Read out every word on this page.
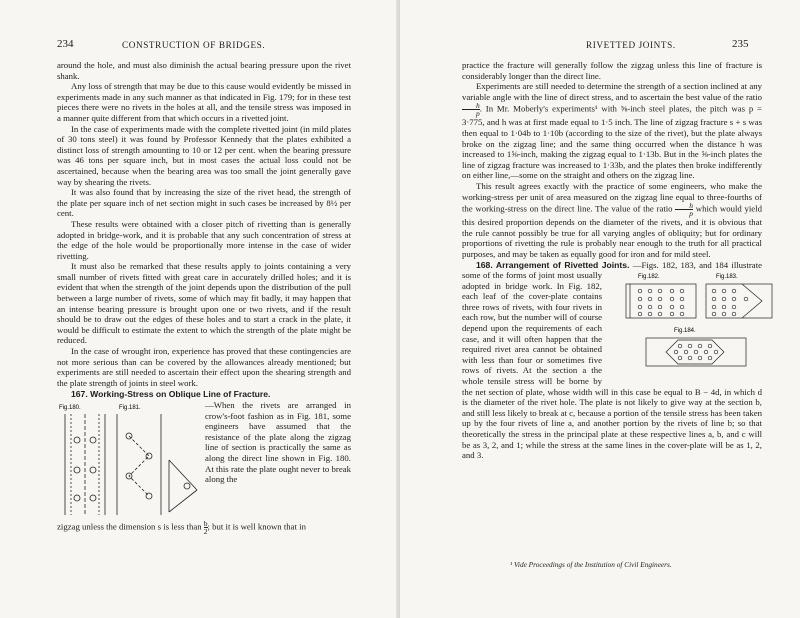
234	CONSTRUCTION OF BRIDGES.

around the hole, and must also diminish the actual bearing pressure upon the rivet shank.

Any loss of strength that may be due to this cause would evidently be missed in experiments made in any such manner as that indicated in Fig. 179; for in these test pieces there were no rivets in the holes at all, and the tensile stress was imposed in a manner quite different from that which occurs in a rivetted joint.

In the case of experiments made with the complete rivetted joint (in mild plates of 30 tons steel) it was found by Professor Kennedy that the plates exhibited a distinct loss of strength amounting to 10 or 12 per cent. when the bearing pressure was 46 tons per square inch, but in most cases the actual loss could not be ascertained, because when the bearing area was too small the joint generally gave way by shearing the rivets.

It was also found that by increasing the size of the rivet head, the strength of the plate per square inch of net section might in such cases be increased by 8½ per cent.

These results were obtained with a closer pitch of rivetting than is generally adopted in bridge-work, and it is probable that any such concentration of stress at the edge of the hole would be proportionally more intense in the case of wider rivetting.

It must also be remarked that these results apply to joints containing a very small number of rivets fitted with great care in accurately drilled holes; and it is evident that when the strength of the joint depends upon the distribution of the pull between a large number of rivets, some of which may fit badly, it may happen that an intense bearing pressure is brought upon one or two rivets, and if the result should be to draw out the edges of these holes and to start a crack in the plate, it would be difficult to estimate the extent to which the strength of the plate might be reduced.

In the case of wrought iron, experience has proved that these contingencies are not more serious than can be covered by the allowances already mentioned; but experiments are still needed to ascertain their effect upon the shearing strength and the plate strength of joints in steel work.

167. Working-Stress on Oblique Line of Fracture.

Fig.180.	Fig.181.	—When the rivets are arranged in crow's-foot fashion as in Fig. 181, some engineers have assumed that the resistance of the plate along the zigzag line of section is practically the same as along the direct line shown in Fig. 180. At this rate the plate ought never to break along the

zigzag unless the dimension s is less than $\frac{b}{2}$ ; but it is well known that in

RIVETTED JOINTS.	235

practice the fracture will generally follow the zigzag unless this line of fracture is considerably longer than the direct line.

Experiments are still needed to determine the strength of a section inclined at any variable angle with the line of direct stress, and to ascertain the best value of the ratio
$\frac{h}{p}$ . In Mr. Moberly's experiments¹ with ⅝-inch steel plates, the pitch was p = 3·775, and h was at first made equal to 1·5 inch. The line of zigzag fracture s + s was then equal to 1·04b to 1·10b (according to the size of the rivet), but the plate always broke on the zigzag line; and the same thing occurred when the distance h was increased to 1⅝-inch, making the zigzag equal to 1·13b. But in the ⅝-inch plates the line of zigzag fracture was increased to 1·33b, and the plates then broke indifferently on either line,—some on the straight and others on the zigzag line.

This result agrees exactly with the practice of some engineers, who make the working-stress per unit of area measured on the zigzag line equal to three-fourths of the working-stress on the direct line. The value of the ratio $\frac{h}{p}$ which would yield this desired proportion depends on the diameter of the rivets, and it is obvious that the rule cannot possibly be true for all varying angles of obliquity; but for ordinary proportions of rivetting the rule is probably near enough to the truth for all practical purposes, and may be taken as equally good for iron and for mild steel.

168. Arrangement of Rivetted Joints.
Fig.182.	Fig.183.
Fig.184.
—Figs. 182, 183, and 184 illustrate some of the forms of joint most usually adopted in bridge work. In Fig. 182, each leaf of the cover-plate contains three rows of rivets, with four rivets in each row, but the number will of course depend upon the requirements of each case, and it will often happen that the required rivet area cannot be obtained with less than four or sometimes five rows of rivets. At the section a the whole tensile stress will be borne by the net section of plate, whose width will in this case be equal to B − 4d, in which d is the diameter of the rivet hole. The plate is not likely to give way at the section b, and still less likely to break at c, because a portion of the tensile stress has been taken up by the four rivets of line a, and another portion by the rivets of line b; so that theoretically the stress in the principal plate at these respective lines a, b, and c will be as 3, 2, and 1; while the stress at the same lines in the cover-plate will be as 1, 2, and 3.

¹ Vide Proceedings of the Institution of Civil Engineers.
